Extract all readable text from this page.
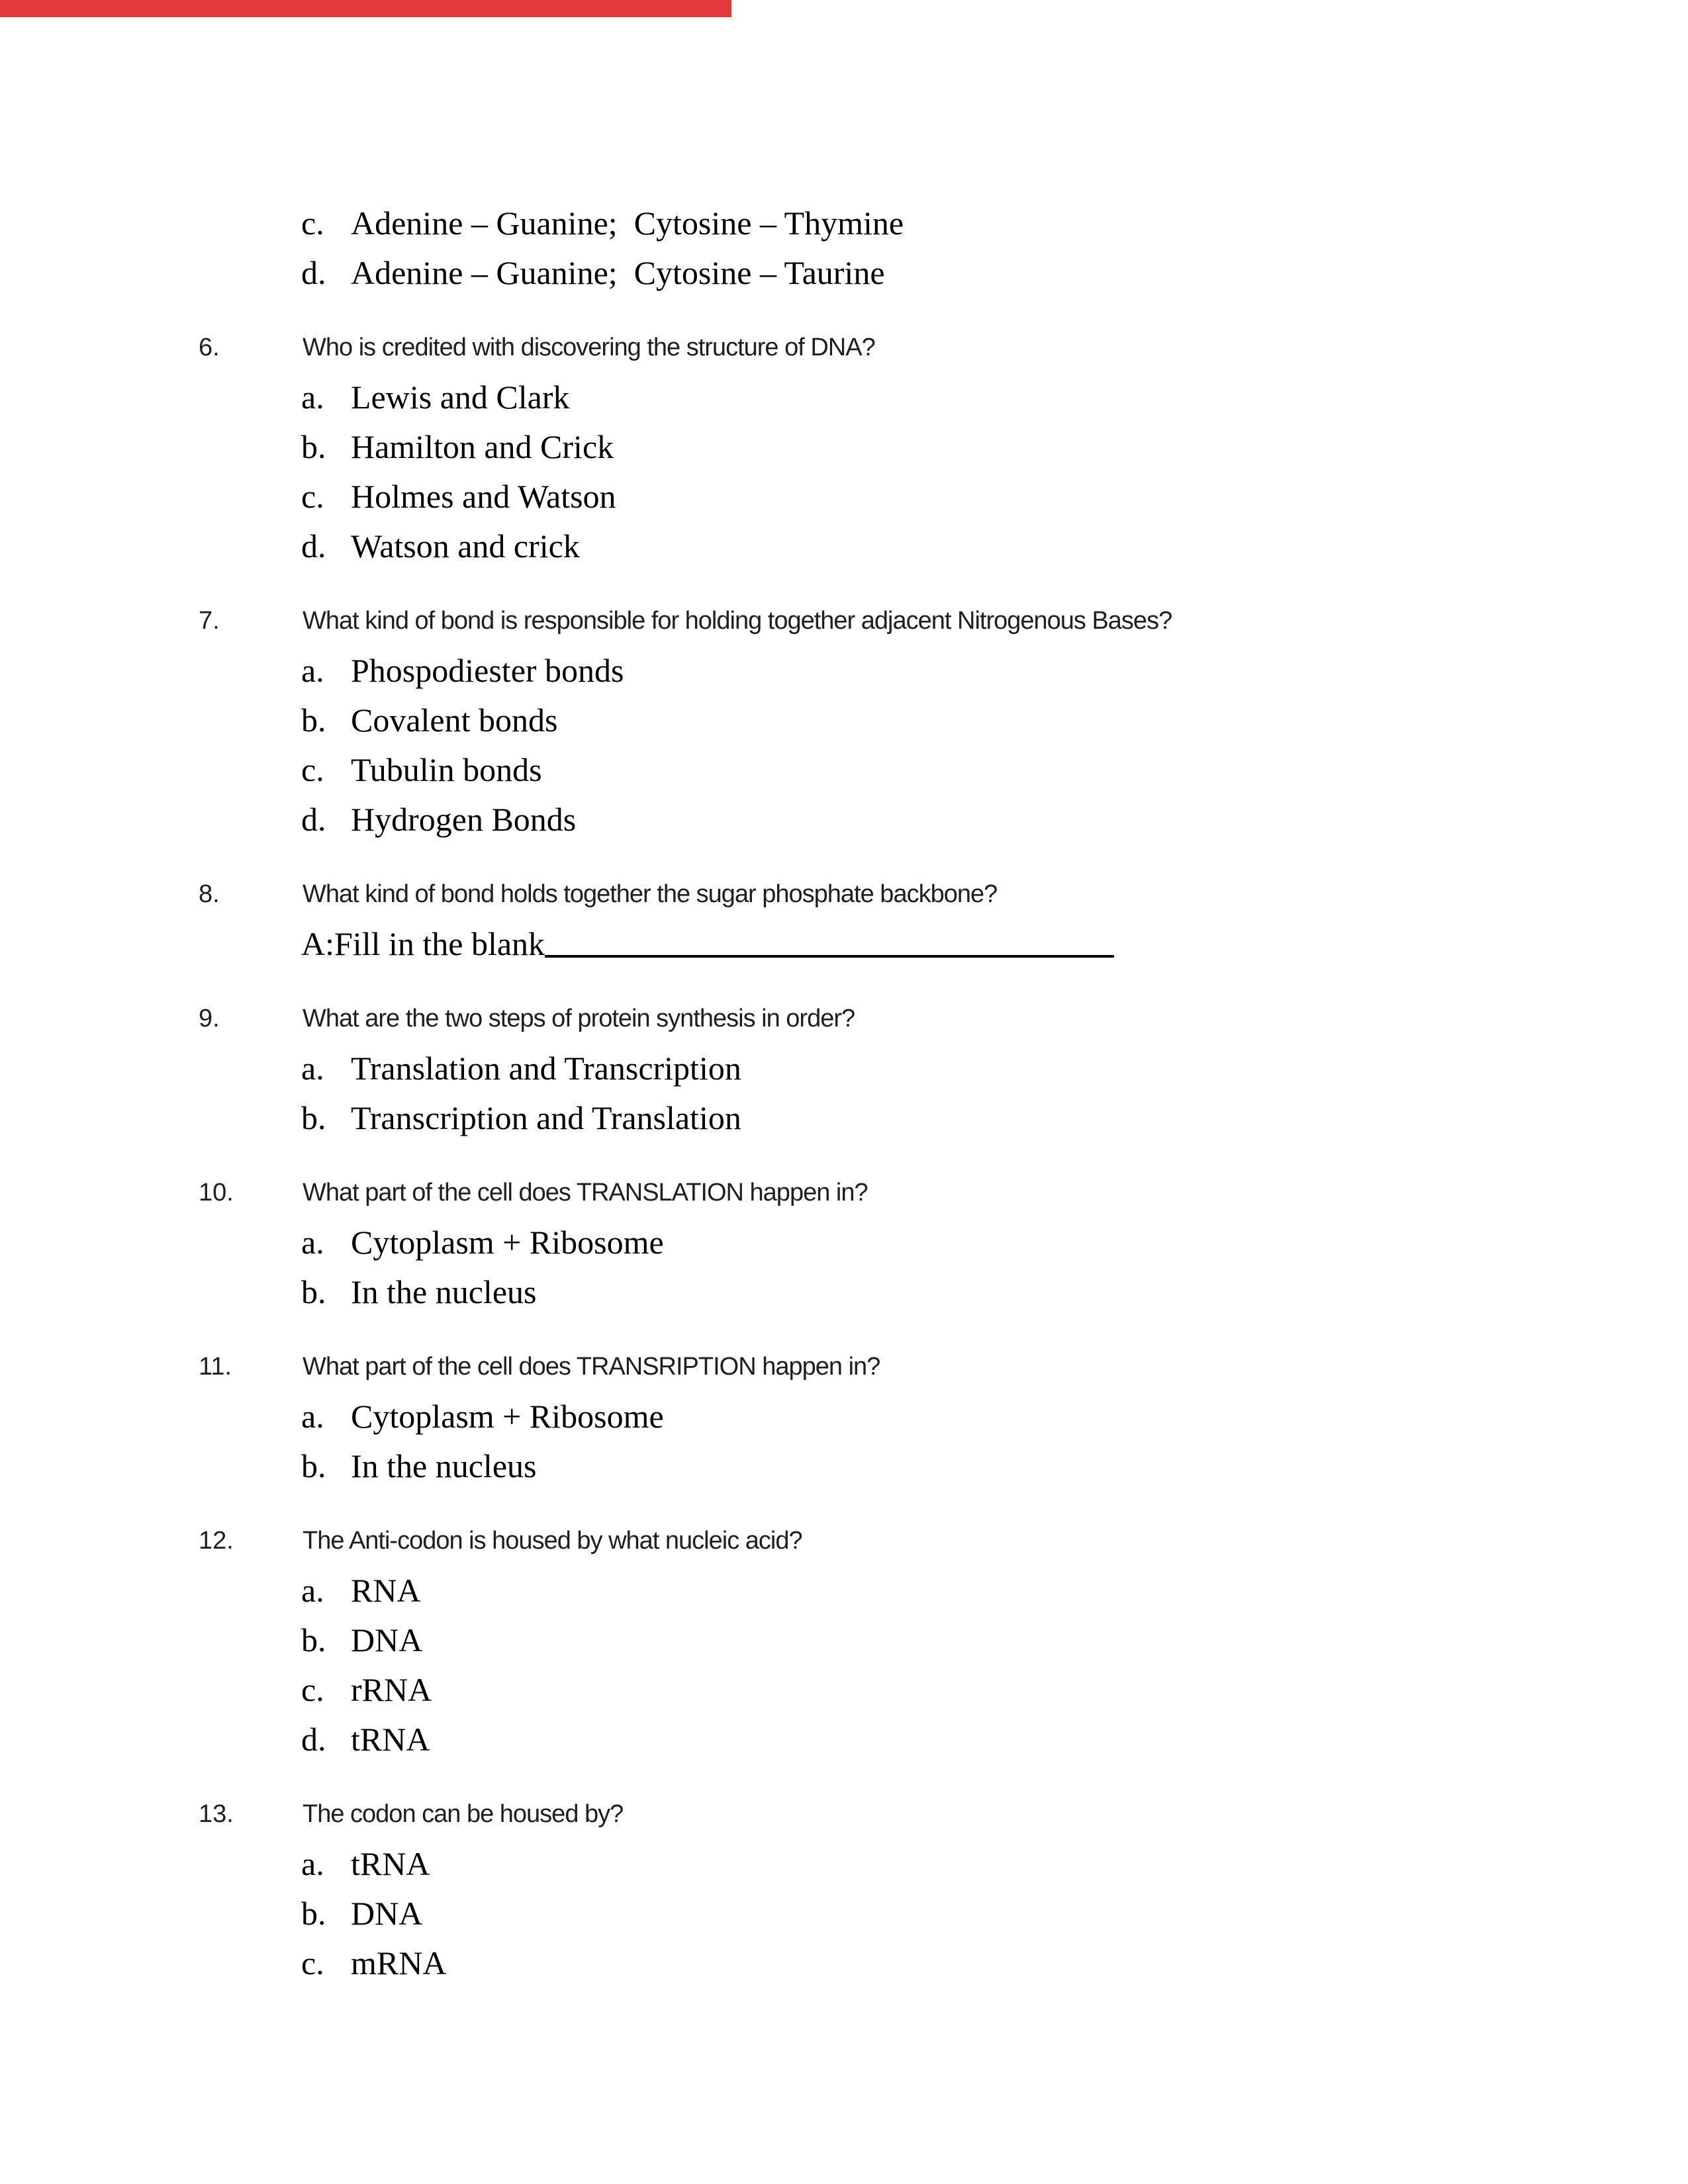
c. Adenine – Guanine;  Cytosine – Thymine
d. Adenine – Guanine;  Cytosine – Taurine
6.	Who is credited with discovering the structure of DNA?
a. Lewis and Clark
b. Hamilton and Crick
c. Holmes and Watson
d. Watson and crick
7.	What kind of bond is responsible for holding together adjacent Nitrogenous Bases?
a. Phospodiester bonds
b. Covalent bonds
c. Tubulin bonds
d. Hydrogen Bonds
8.	What kind of bond holds together the sugar phosphate backbone?
A:Fill in the blank
9.	What are the two steps of protein synthesis in order?
a. Translation and Transcription
b. Transcription and Translation
10.	What part of the cell does TRANSLATION happen in?
a. Cytoplasm + Ribosome
b. In the nucleus
11.	What part of the cell does TRANSRIPTION happen in?
a. Cytoplasm + Ribosome
b. In the nucleus
12.	The Anti-codon is housed by what nucleic acid?
a. RNA
b. DNA
c. rRNA
d. tRNA
13.	The codon can be housed by?
a. tRNA
b. DNA
c. mRNA
